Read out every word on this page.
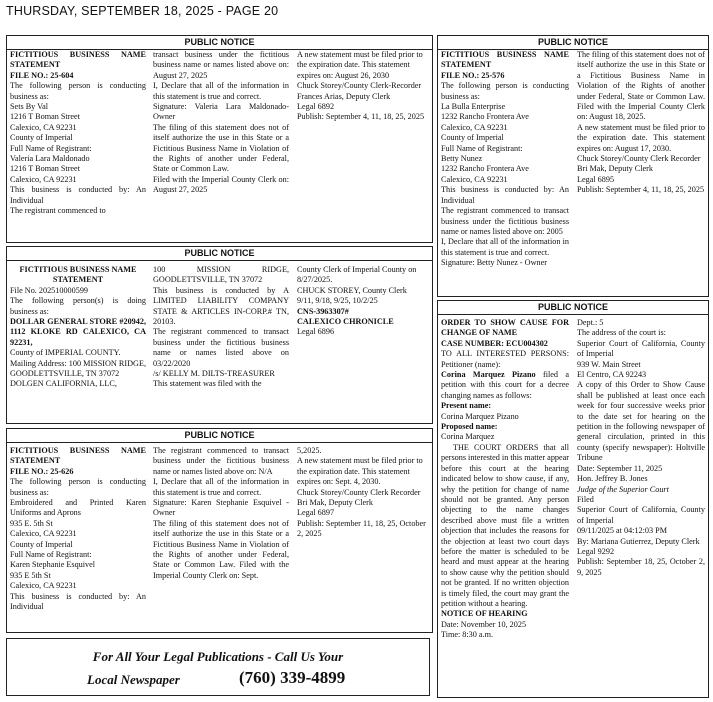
THURSDAY, SEPTEMBER 18, 2025 - PAGE 20
PUBLIC NOTICE
FICTITIOUS BUSINESS NAME STATEMENT
FILE NO.: 25-604
The following person is conducting business as:
Sets By Val
1216 T Boman Street
Calexico, CA 92231
County of Imperial
Full Name of Registrant:
Valeria Lara Maldonado
1216 T Boman Street
Calexico, CA 92231
This business is conducted by: An Individual
The registrant commenced to
transact business under the fictitious business name or names listed above on: August 27, 2025
I, Declare that all of the information in this statement is true and correct.
Signature: Valeria Lara Maldonado- Owner
The filing of this statement does not of itself authorize the use in this State or a Fictitious Business Name in Violation of the Rights of another under Federal, State or Common Law.
Filed with the Imperial County Clerk on: August 27, 2025
A new statement must be filed prior to the expiration date. This statement expires on: August 26, 2030
Chuck Storey/County Clerk-Recorder
Frances Arias, Deputy Clerk
Legal 6892
Publish: September 4, 11, 18, 25, 2025
PUBLIC NOTICE
FICTITIOUS BUSINESS NAME STATEMENT
File No. 202510000599
The following person(s) is doing business as:
DOLLAR GENERAL STORE #20942, 1112 KLOKE RD CALEXICO, CA 92231,
County of IMPERIAL COUNTY.
Mailing Address: 100 MISSION RIDGE, GOODLETTSVILLE, TN 37072
DOLGEN CALIFORNIA, LLC,
100 MISSION RIDGE, GOODLETTSVILLE, TN 37072
This business is conducted by A LIMITED LIABILITY COMPANY STATE & ARTICLES IN-CORP.# TN, 20103.
The registrant commenced to transact business under the fictitious business name or names listed above on 03/22/2020
/s/ KELLY M. DILTS-TREASURER
This statement was filed with the
County Clerk of Imperial County on 8/27/2025.
CHUCK STOREY, County Clerk
9/11, 9/18, 9/25, 10/2/25
CNS-3963307#
CALEXICO CHRONICLE
Legal 6896
PUBLIC NOTICE
FICTITIOUS BUSINESS NAME STATEMENT
FILE NO.: 25-626
The following person is conducting business as:
Embroidered and Printed Karen Uniforms and Aprons
935 E. 5th St
Calexico, CA 92231
County of Imperial
Full Name of Registrant:
Karen Stephanie Esquivel
935 E 5th St
Calexico, CA 92231
This business is conducted by: An Individual
The registrant commenced to transact business under the fictitious business name or names listed above on: N/A
I, Declare that all of the information in this statement is true and correct.
Signature: Karen Stephanie Esquivel - Owner
The filing of this statement does not of itself authorize the use in this State or a Fictitious Business Name in Violation of the Rights of another under Federal, State or Common Law. Filed with the Imperial County Clerk on: Sept.
5,2025.
A new statement must be filed prior to the expiration date. This statement expires on: Sept. 4, 2030.
Chuck Storey/County Clerk Recorder
Bri Mak, Deputy Clerk
Legal 6897
Publish: September 11, 18, 25, October 2, 2025
PUBLIC NOTICE
FICTITIOUS BUSINESS NAME STATEMENT
FILE NO.: 25-576
The following person is conducting business as:
La Bulla Enterprise
1232 Rancho Frontera Ave
Calexico, CA 92231
County of Imperial
Full Name of Registrant:
Betty Nunez
1232 Rancho Frontera Ave
Calexico, CA 92231
This business is conducted by: An Individual
The registrant commenced to transact business under the fictitious business name or names listed above on: 2005
I, Declare that all of the information in this statement is true and correct.
Signature: Betty Nunez - Owner
The filing of this statement does not of itself authorize the use in this State or a Fictitious Business Name in Violation of the Rights of another under Federal, State or Common Law. Filed with the Imperial County Clerk on: August 18, 2025.
A new statement must be filed prior to the expiration date. This statement expires on: August 17, 2030.
Chuck Storey/County Clerk Recorder
Bri Mak, Deputy Clerk
Legal 6895
Publish: September 4, 11, 18, 25, 2025
PUBLIC NOTICE
ORDER TO SHOW CAUSE FOR CHANGE OF NAME
CASE NUMBER: ECU004302
TO ALL INTERESTED PERSONS: Petitioner (name):
Corina Marquez Pizano filed a petition with this court for a decree changing names as follows:
Present name:
Corina Marquez Pizano
Proposed name:
Corina Marquez
THE COURT ORDERS that all persons interested in this matter appear before this court at the hearing indicated below to show cause, if any, why the petition for change of name should not be granted. Any person objecting to the name changes described above must file a written objection that includes the reasons for the objection at least two court days before the matter is scheduled to be heard and must appear at the hearing to show cause why the petition should not be granted. If no written objection is timely filed, the court may grant the petition without a hearing.
NOTICE OF HEARING
Date: November 10, 2025
Time: 8:30 a.m.
Dept.: 5
The address of the court is:
Superior Court of California, County of Imperial
939 W. Main Street
El Centro, CA 92243
A copy of this Order to Show Cause shall be published at least once each week for four successive weeks prior to the date set for hearing on the petition in the following newspaper of general circulation, printed in this county (specify newspaper): Holtville Tribune
Date: September 11, 2025
Hon. Jeffrey B. Jones
Judge of the Superior Court
Filed
Superior Court of California, County of Imperial
09/11/2025 at 04:12:03 PM
By: Mariana Gutierrez, Deputy Clerk
Legal 9292
Publish: September 18, 25, October 2, 9, 2025
For All Your Legal Publications - Call Us Your
Local Newspaper	(760) 339-4899
